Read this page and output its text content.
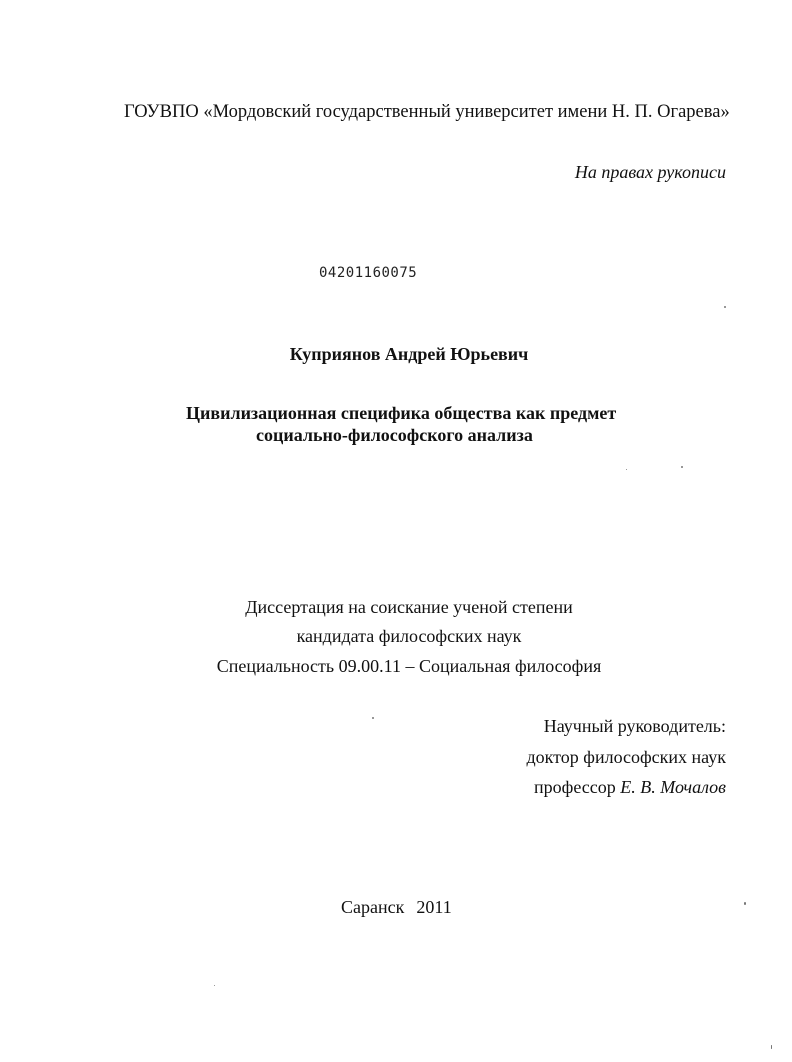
ГОУВПО «Мордовский государственный университет имени Н. П. Огарева»
На правах рукописи
04201160075
Куприянов Андрей Юрьевич
Цивилизационная специфика общества как предмет
социально-философского анализа
Диссертация на соискание ученой степени
кандидата философских наук
Специальность 09.00.11 – Социальная философия
Научный руководитель:
доктор философских наук
профессор Е. В. Мочалов
Саранск 2011
